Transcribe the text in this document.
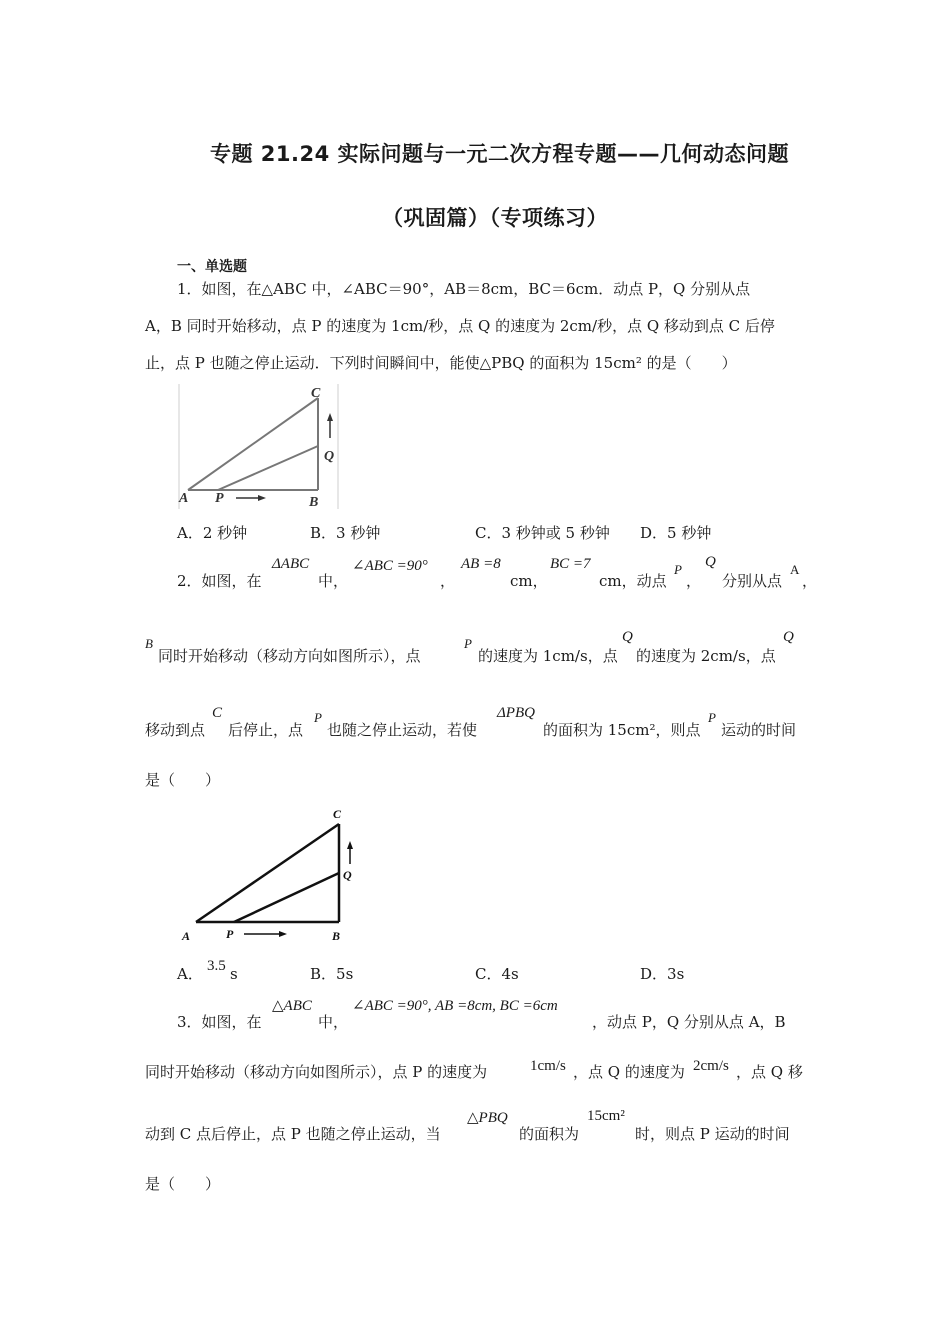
专题 21.24 实际问题与一元二次方程专题——几何动态问题
（巩固篇）（专项练习）
一、单选题
1．如图，在△ABC 中，∠ABC＝90°，AB＝8cm，BC＝6cm．动点 P，Q 分别从点
A，B 同时开始移动，点 P 的速度为 1cm/秒，点 Q 的速度为 2cm/秒，点 Q 移动到点 C 后停
止，点 P 也随之停止运动．下列时间瞬间中，能使△PBQ 的面积为 15cm² 的是（　　）
A P	B
C
Q
A．2 秒钟	B．3 秒钟	C．3 秒钟或 5 秒钟 D．5 秒钟
2．如图，在
ΔABC
中，
∠ABC =90°
，
AB =8
cm，
BC =7
cm，动点
P
，
Q
分别从点
A
，
B
同时开始移动（移动方向如图所示），点
P
的速度为 1cm/s，点
Q
的速度为 2cm/s，点
Q
移动到点
C
后停止，点
P
也随之停止运动，若使
ΔPBQ
的面积为 15cm²，则点
P
运动的时间
是（　　）
A	P	B
C
Q
A． 3.5 s	B．5s	C．4s	D．3s
3．如图，在
△ABC
中，
∠ABC =90°, AB =8cm, BC =6cm
，动点 P，Q 分别从点 A，B
同时开始移动（移动方向如图所示），点 P 的速度为	1cm/s ，点 Q 的速度为 2cm/s ，点 Q 移
动到 C 点后停止，点 P 也随之停止运动，当
△PBQ
的面积为
15cm²
时，则点 P 运动的时间
是（　　）
